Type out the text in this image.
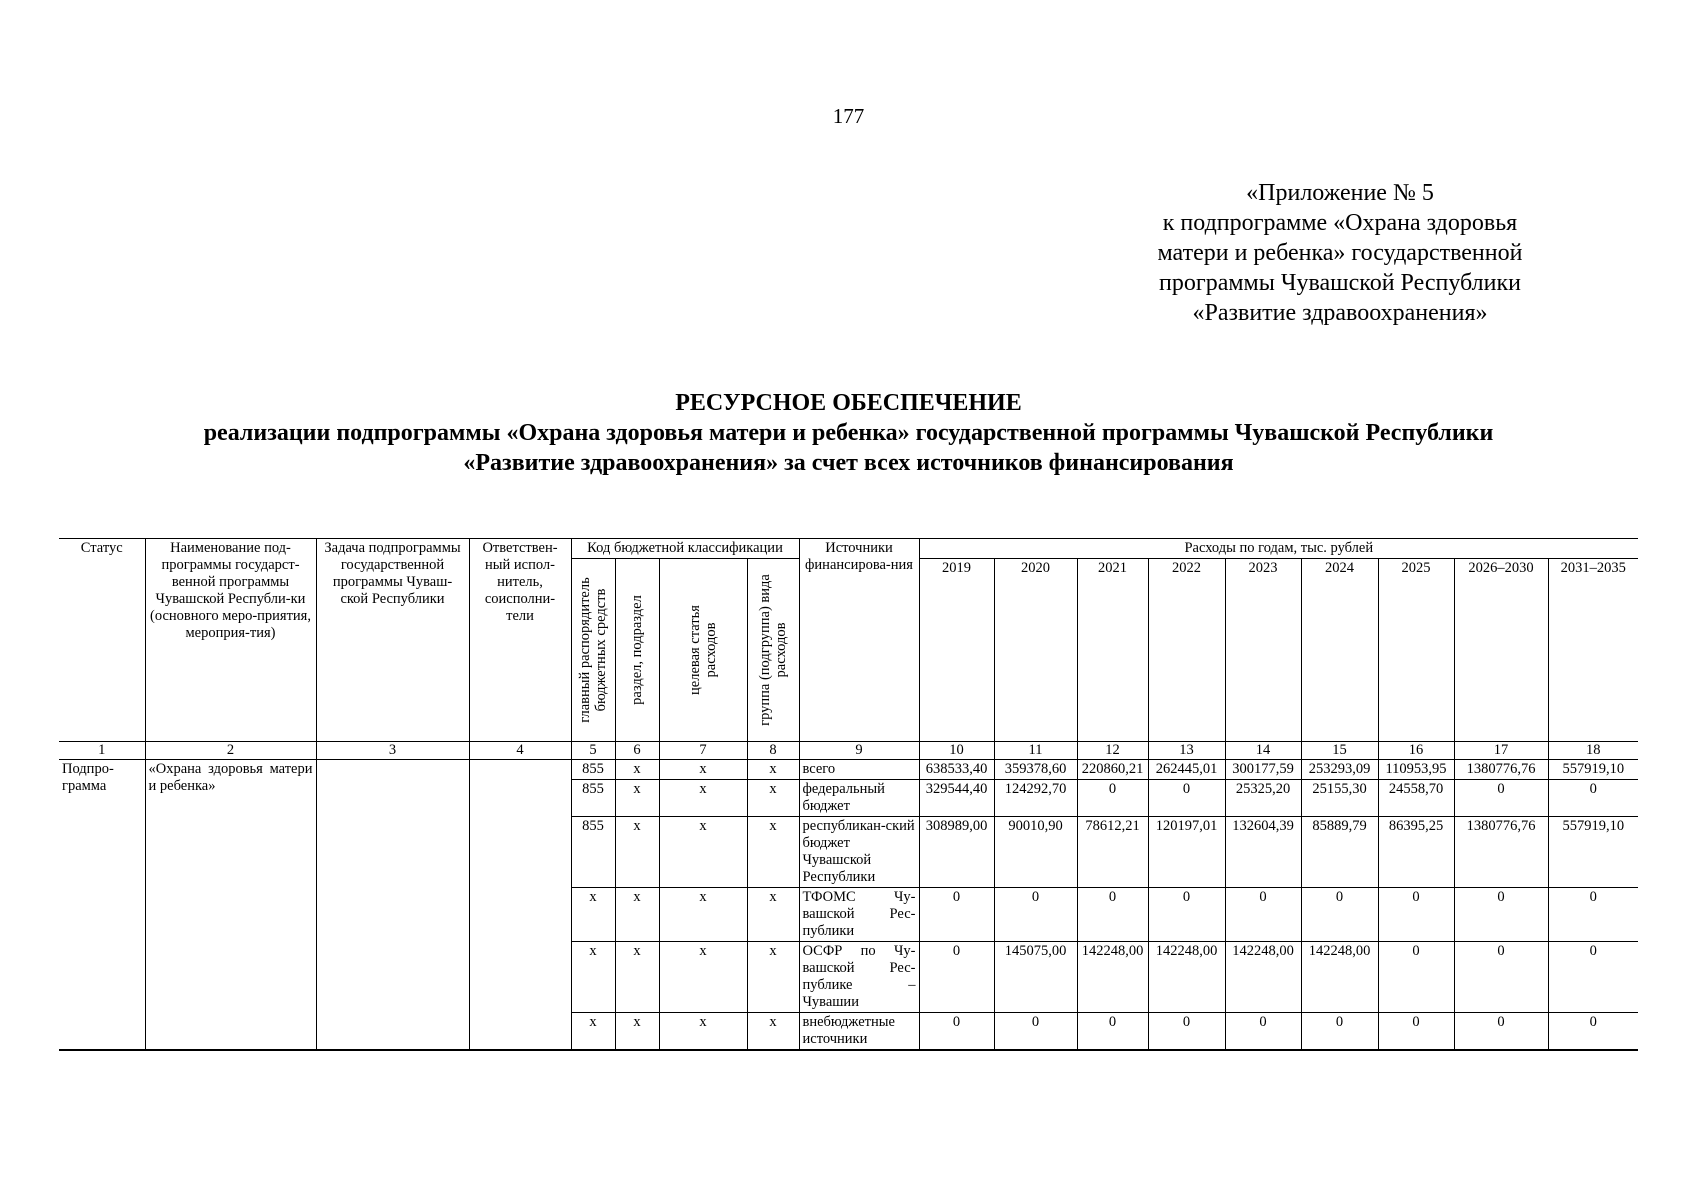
177
«Приложение № 5
к подпрограмме «Охрана здоровья
матери и ребенка» государственной
программы Чувашской Республики
«Развитие здравоохранения»
РЕСУРСНОЕ ОБЕСПЕЧЕНИЕ
реализации подпрограммы «Охрана здоровья матери и ребенка» государственной программы Чувашской Республики
«Развитие здравоохранения» за счет всех источников финансирования
Статус	Наименование под-программы государст-венной программы Чувашской Республи-ки (основного меро-приятия, мероприя-тия)	Задача подпрограммы государственной программы Чуваш-ской Республики	Ответствен-ный испол-нитель, соисполни-тели	Код бюджетной классификации				Источники финансирова-ния	Расходы по годам, тыс. рублей								

				главный распорядитель бюджетных средств	раздел, подраздел	целевая статья расходов	группа (подгруппа) вида расходов		2019	2020	2021	2022	2023	2024	2025	2026–2030	2031–2035
1	2	3	4	5	6	7	8	9	10	11	12	13	14	15	16	17	18
Подпро-грамма	«Охрана здоровья матери и ребенка»			855	x	x	x	всего	638533,40	359378,60	220860,21	262445,01	300177,59	253293,09	110953,95	1380776,76	557919,10
				855	x	x	x	федеральный бюджет	329544,40	124292,70	0	0	25325,20	25155,30	24558,70	0	0
				855	x	x	x	республикан-ский бюджет Чувашской Республики	308989,00	90010,90	78612,21	120197,01	132604,39	85889,79	86395,25	1380776,76	557919,10
				x	x	x	x	ТФОМС Чу-вашской Рес-публики	0	0	0	0	0	0	0	0	0
				x	x	x	x	ОСФР по Чу-вашской Рес-публике – Чувашии	0	145075,00	142248,00	142248,00	142248,00	142248,00	0	0	0
				x	x	x	x	внебюджетные источники	0	0	0	0	0	0	0	0	0
